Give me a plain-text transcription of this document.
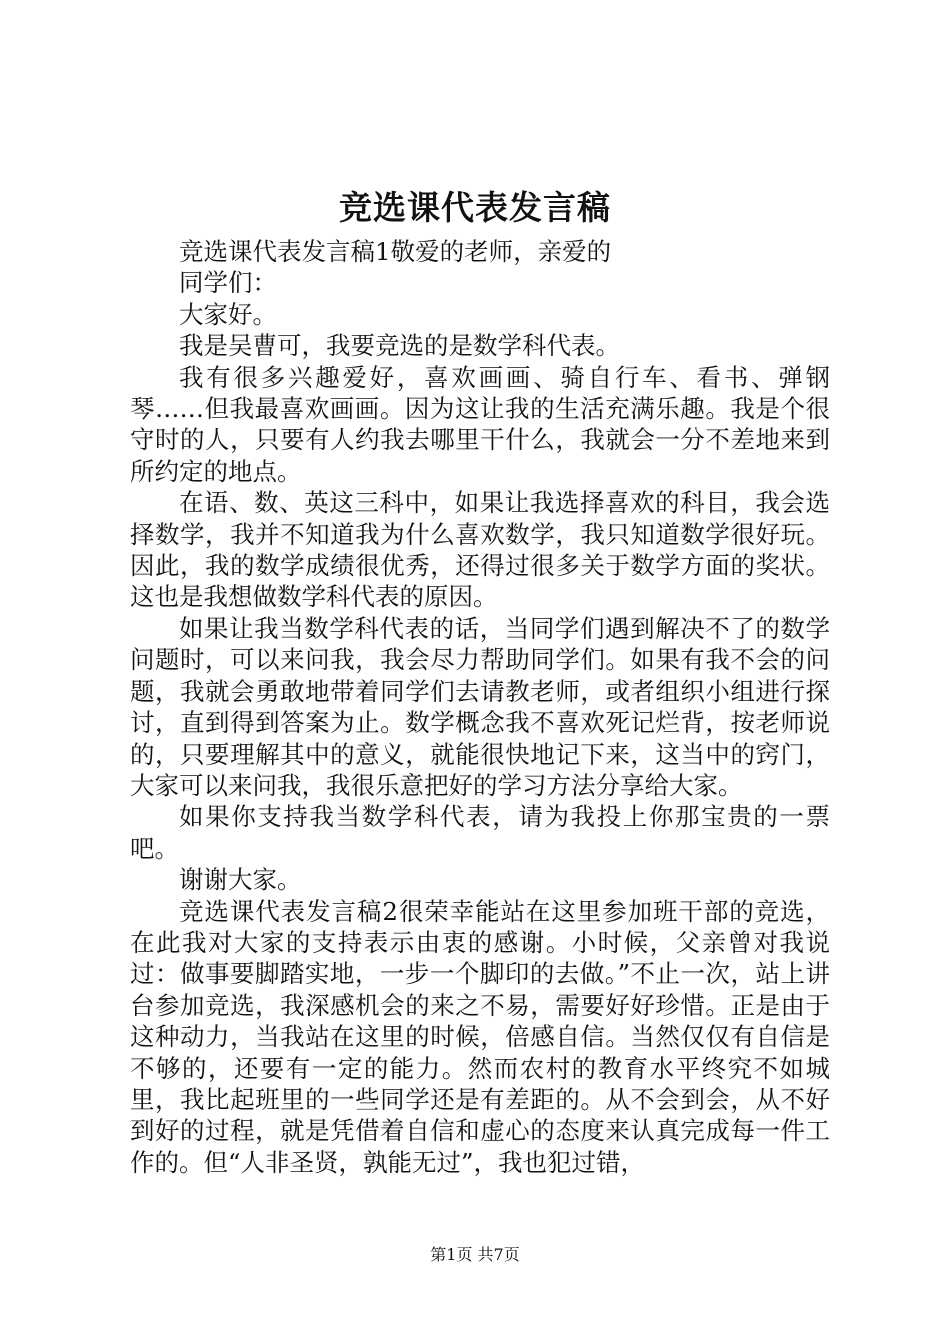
竞选课代表发言稿

竞选课代表发言稿1敬爱的老师，亲爱的

同学们：

大家好。

我是吴曹可，我要竞选的是数学科代表。

我有很多兴趣爱好，喜欢画画、骑自行车、看书、弹钢琴……但我最喜欢画画。因为这让我的生活充满乐趣。我是个很守时的人，只要有人约我去哪里干什么，我就会一分不差地来到所约定的地点。

在语、数、英这三科中，如果让我选择喜欢的科目，我会选择数学，我并不知道我为什么喜欢数学，我只知道数学很好玩。因此，我的数学成绩很优秀，还得过很多关于数学方面的奖状。这也是我想做数学科代表的原因。

如果让我当数学科代表的话，当同学们遇到解决不了的数学问题时，可以来问我，我会尽力帮助同学们。如果有我不会的问题，我就会勇敢地带着同学们去请教老师，或者组织小组进行探讨，直到得到答案为止。数学概念我不喜欢死记烂背，按老师说的，只要理解其中的意义，就能很快地记下来，这当中的窍门，大家可以来问我，我很乐意把好的学习方法分享给大家。

如果你支持我当数学科代表，请为我投上你那宝贵的一票吧。

谢谢大家。

竞选课代表发言稿2很荣幸能站在这里参加班干部的竞选，在此我对大家的支持表示由衷的感谢。小时候，父亲曾对我说过：做事要脚踏实地，一步一个脚印的去做。”不止一次，站上讲台参加竞选，我深感机会的来之不易，需要好好珍惜。正是由于这种动力，当我站在这里的时候，倍感自信。当然仅仅有自信是不够的，还要有一定的能力。然而农村的教育水平终究不如城里，我比起班里的一些同学还是有差距的。从不会到会，从不好到好的过程，就是凭借着自信和虚心的态度来认真完成每一件工作的。但“人非圣贤，孰能无过”，我也犯过错，

第1页 共7页
